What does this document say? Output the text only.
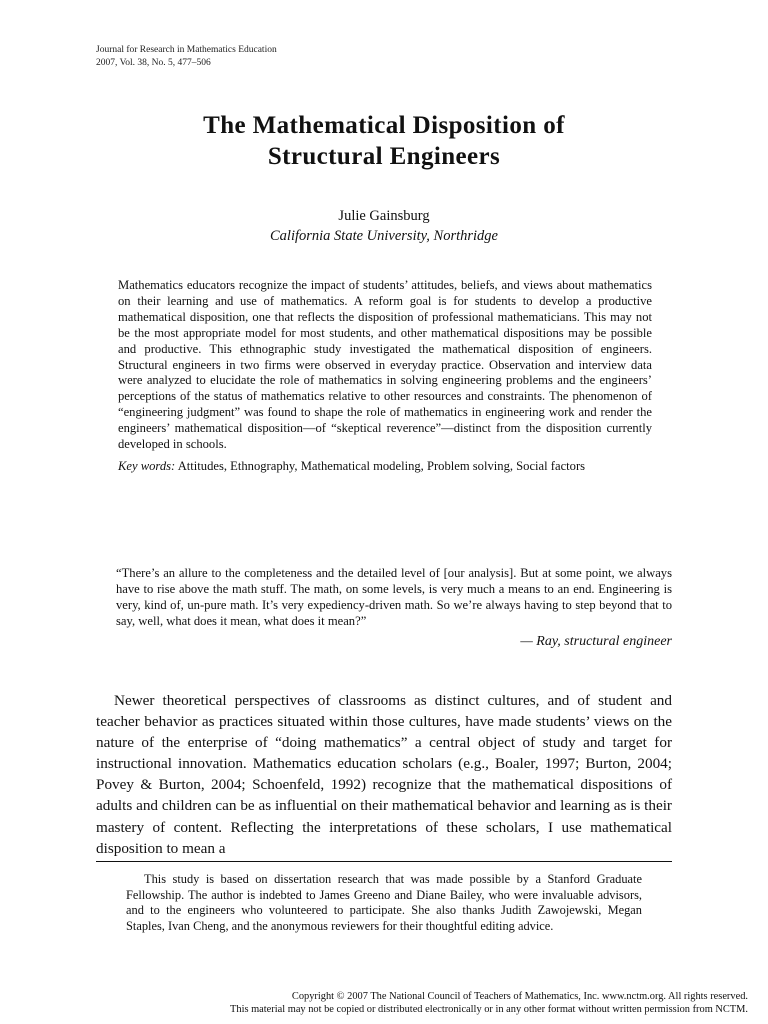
Journal for Research in Mathematics Education
2007, Vol. 38, No. 5, 477–506
The Mathematical Disposition of
Structural Engineers
Julie Gainsburg
California State University, Northridge

Mathematics educators recognize the impact of students’ attitudes, beliefs, and views about mathematics on their learning and use of mathematics. A reform goal is for students to develop a productive mathematical disposition, one that reflects the disposition of professional mathematicians. This may not be the most appropriate model for most students, and other mathematical dispositions may be possible and productive. This ethnographic study investigated the mathematical disposition of engineers. Structural engineers in two firms were observed in everyday practice. Observation and interview data were analyzed to elucidate the role of mathematics in solving engineering problems and the engineers’ perceptions of the status of mathematics relative to other resources and constraints. The phenomenon of “engineering judgment” was found to shape the role of mathematics in engineering work and render the engineers’ mathematical disposition—of “skeptical reverence”—distinct from the disposition currently developed in schools.

Key words: Attitudes, Ethnography, Mathematical modeling, Problem solving, Social factors

“There’s an allure to the completeness and the detailed level of [our analysis]. But at some point, we always have to rise above the math stuff. The math, on some levels, is very much a means to an end. Engineering is very, kind of, un-pure math. It’s very expediency-driven math. So we’re always having to step beyond that to say, well, what does it mean, what does it mean?”

— Ray, structural engineer

Newer theoretical perspectives of classrooms as distinct cultures, and of student and teacher behavior as practices situated within those cultures, have made students’ views on the nature of the enterprise of “doing mathematics” a central object of study and target for instructional innovation. Mathematics education scholars (e.g., Boaler, 1997; Burton, 2004; Povey & Burton, 2004; Schoenfeld, 1992) recognize that the mathematical dispositions of adults and children can be as influential on their mathematical behavior and learning as is their mastery of content. Reflecting the interpretations of these scholars, I use mathematical disposition to mean a

This study is based on dissertation research that was made possible by a Stanford Graduate Fellowship. The author is indebted to James Greeno and Diane Bailey, who were invaluable advisors, and to the engineers who volunteered to participate. She also thanks Judith Zawojewski, Megan Staples, Ivan Cheng, and the anonymous reviewers for their thoughtful editing advice.

Copyright © 2007 The National Council of Teachers of Mathematics, Inc. www.nctm.org. All rights reserved.
This material may not be copied or distributed electronically or in any other format without written permission from NCTM.
